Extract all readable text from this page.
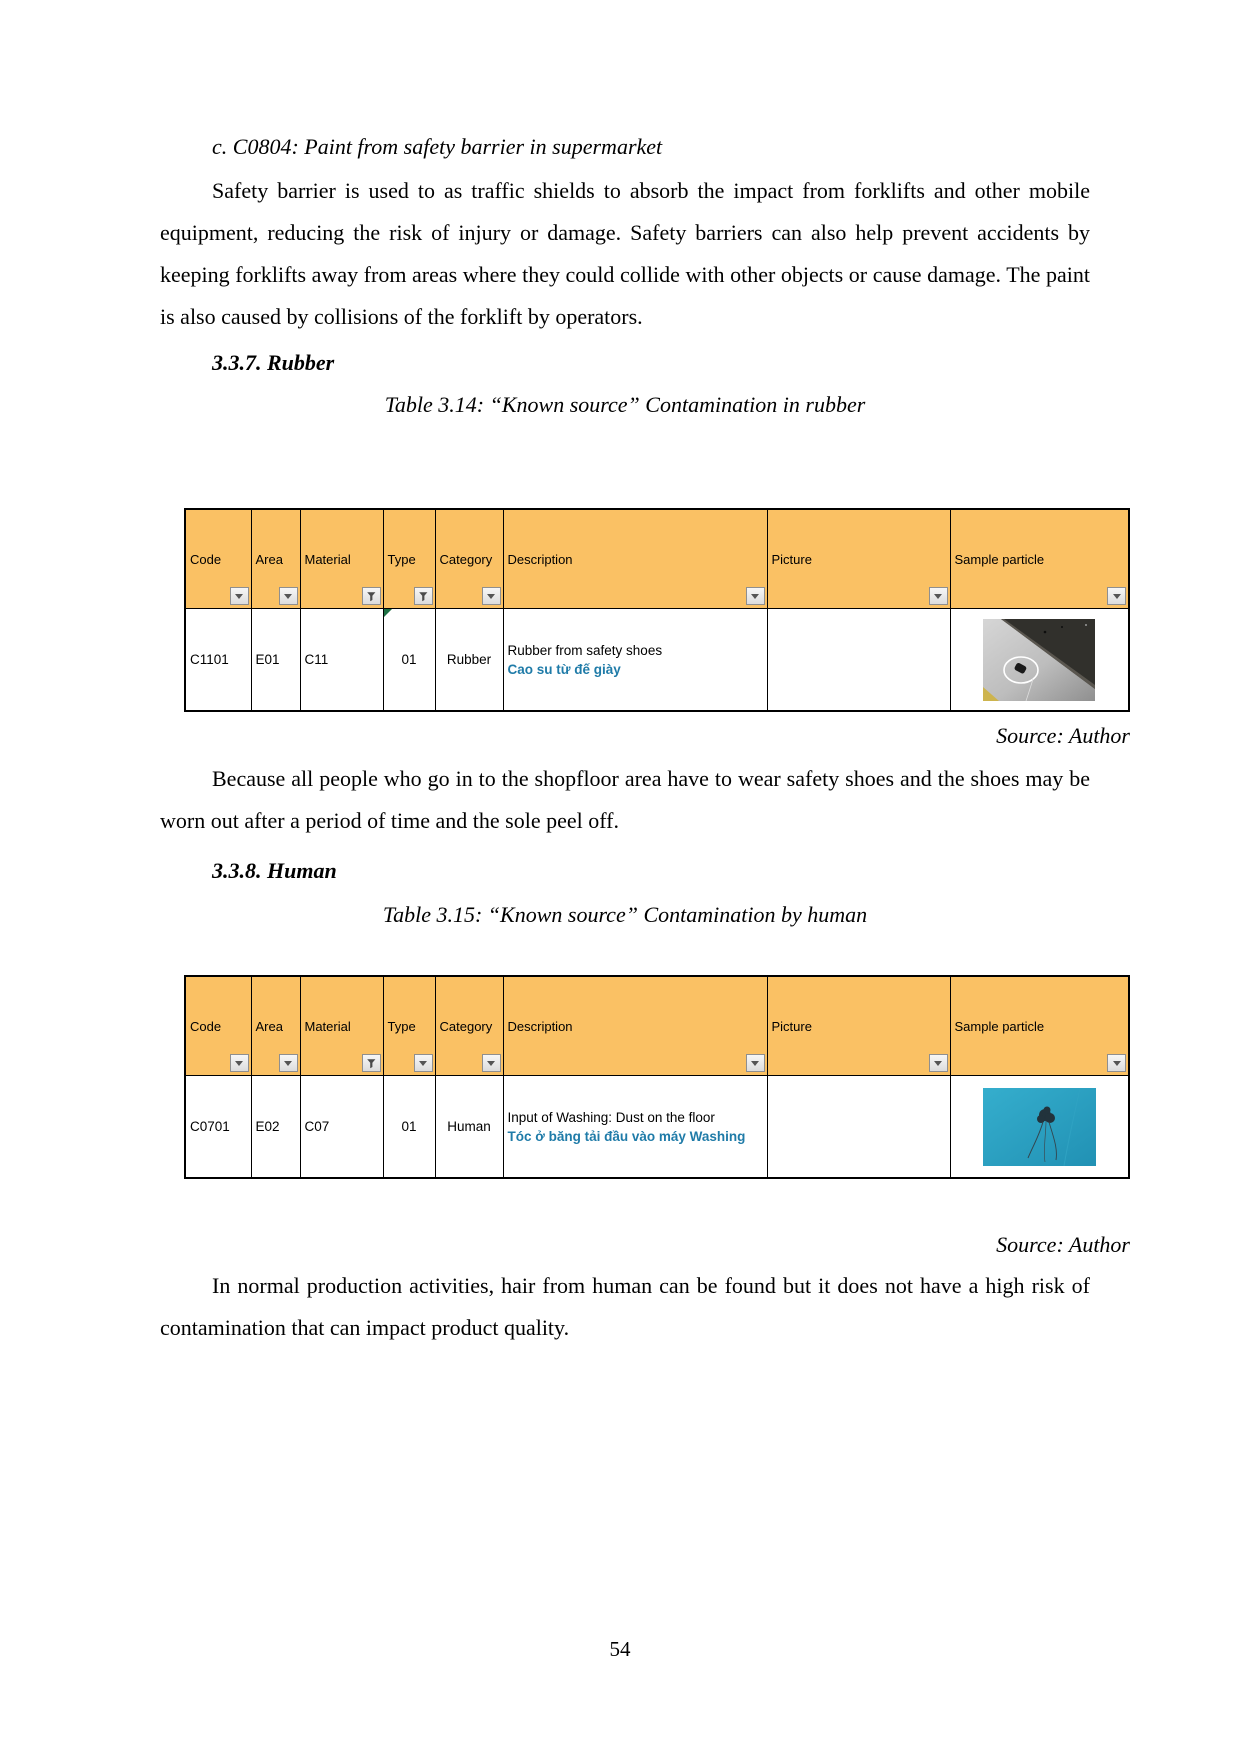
c. C0804: Paint from safety barrier in supermarket

Safety barrier is used to as traffic shields to absorb the impact from forklifts and other mobile equipment, reducing the risk of injury or damage. Safety barriers can also help prevent accidents by keeping forklifts away from areas where they could collide with other objects or cause damage. The paint is also caused by collisions of the forklift by operators.

3.3.7. Rubber

Table 3.14: “Known source” Contamination in rubber

Code	Area	Material	Type	Category	Description	Picture	Sample particle

C1101	E01	C11	01	Rubber	Rubber from safety shoes
Cao su từ đế giày

Source: Author

Because all people who go in to the shopfloor area have to wear safety shoes and the shoes may be worn out after a period of time and the sole peel off.

3.3.8. Human

Table 3.15: “Known source” Contamination by human

Code	Area	Material	Type	Category	Description	Picture	Sample particle

C0701	E02	C07	01	Human	Input of Washing: Dust on the floor
Tóc ở băng tải đầu vào máy Washing

Source: Author

In normal production activities, hair from human can be found but it does not have a high risk of contamination that can impact product quality.

54
